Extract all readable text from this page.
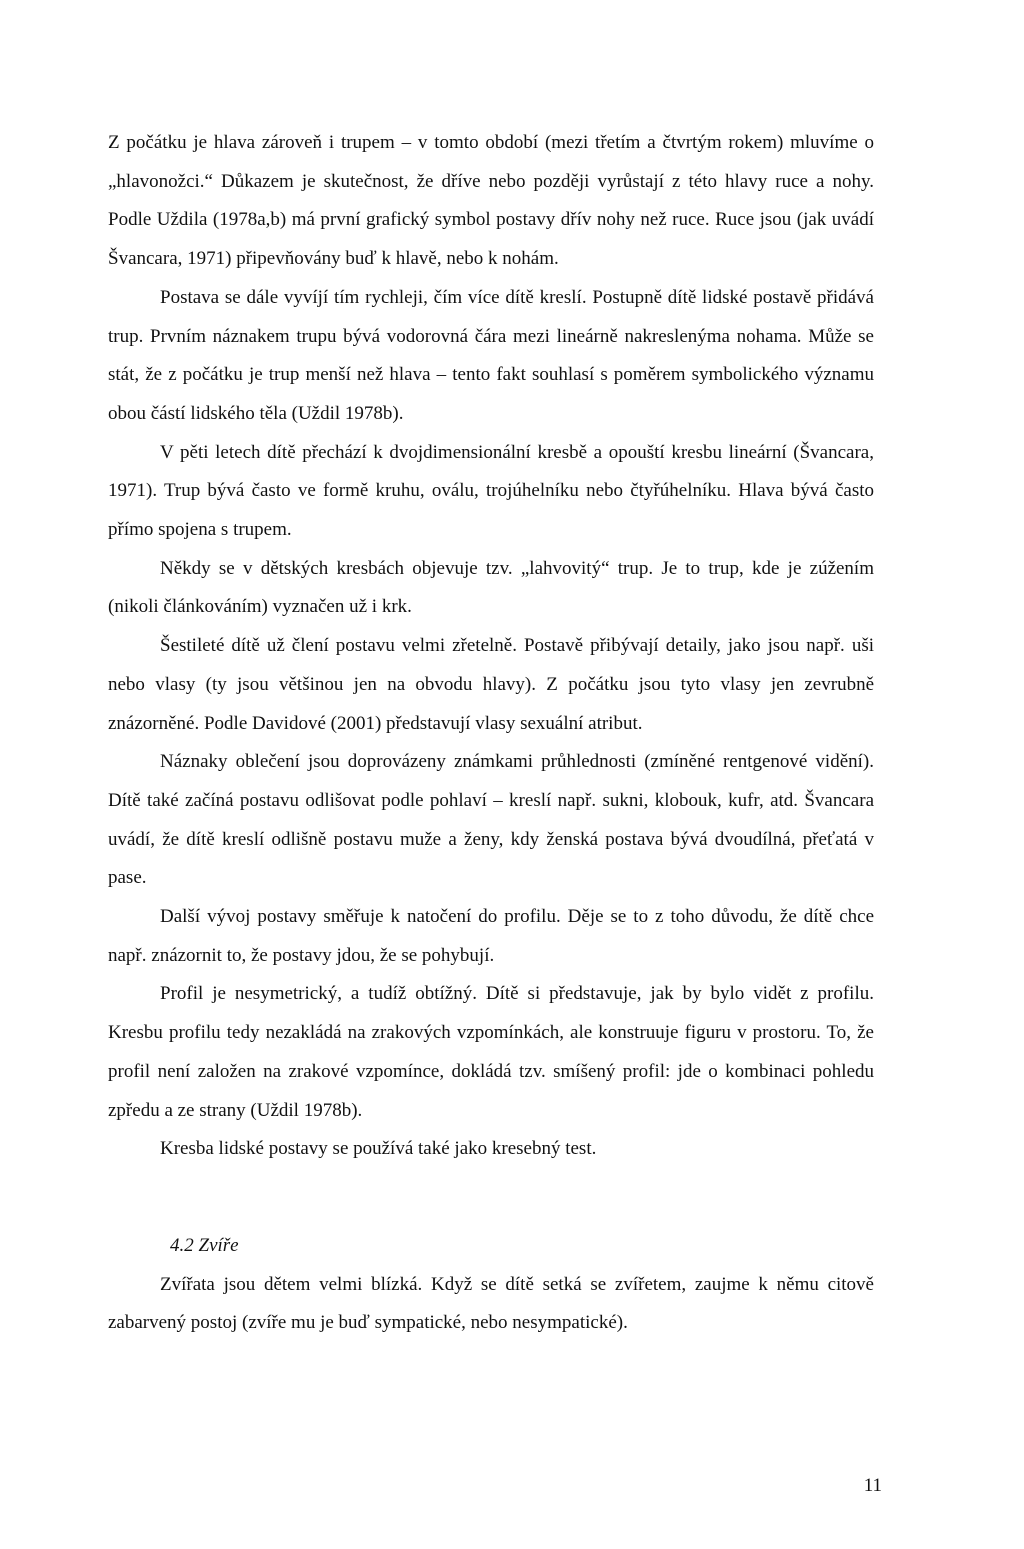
Z počátku je hlava zároveň i trupem – v tomto období (mezi třetím a čtvrtým rokem) mluvíme o „hlavonožci.“ Důkazem je skutečnost, že dříve nebo později vyrůstají z této hlavy ruce a nohy. Podle Uždila (1978a,b) má první grafický symbol postavy dřív nohy než ruce. Ruce jsou (jak uvádí Švancara, 1971) připevňovány buď k hlavě, nebo k nohám.

Postava se dále vyvíjí tím rychleji, čím více dítě kreslí. Postupně dítě lidské postavě přidává trup. Prvním náznakem trupu bývá vodorovná čára mezi lineárně nakreslenýma nohama. Může se stát, že z počátku je trup menší než hlava – tento fakt souhlasí s poměrem symbolického významu obou částí lidského těla (Uždil 1978b).

V pěti letech dítě přechází k dvojdimensionální kresbě a opouští kresbu lineární (Švancara, 1971). Trup bývá často ve formě kruhu, oválu, trojúhelníku nebo čtyřúhelníku. Hlava bývá často přímo spojena s trupem.

Někdy se v dětských kresbách objevuje tzv. „lahvovitý“ trup. Je to trup, kde je zúžením (nikoli článkováním) vyznačen už i krk.

Šestileté dítě už člení postavu velmi zřetelně. Postavě přibývají detaily, jako jsou např. uši nebo vlasy (ty jsou většinou jen na obvodu hlavy). Z počátku jsou tyto vlasy jen zevrubně znázorněné. Podle Davidové (2001) představují vlasy sexuální atribut.

Náznaky oblečení jsou doprovázeny známkami průhlednosti (zmíněné rentgenové vidění). Dítě také začíná postavu odlišovat podle pohlaví – kreslí např. sukni, klobouk, kufr, atd. Švancara uvádí, že dítě kreslí odlišně postavu muže a ženy, kdy ženská postava bývá dvoudílná, přeťatá v pase.

Další vývoj postavy směřuje k natočení do profilu. Děje se to z toho důvodu, že dítě chce např. znázornit to, že postavy jdou, že se pohybují.

Profil je nesymetrický, a tudíž obtížný. Dítě si představuje, jak by bylo vidět z profilu. Kresbu profilu tedy nezakládá na zrakových vzpomínkách, ale konstruuje figuru v prostoru. To, že profil není založen na zrakové vzpomínce, dokládá tzv. smíšený profil: jde o kombinaci pohledu zpředu a ze strany (Uždil 1978b).

Kresba lidské postavy se používá také jako kresebný test.

4.2 Zvíře

Zvířata jsou dětem velmi blízká. Když se dítě setká se zvířetem, zaujme k němu citově zabarvený postoj (zvíře mu je buď sympatické, nebo nesympatické).

11
